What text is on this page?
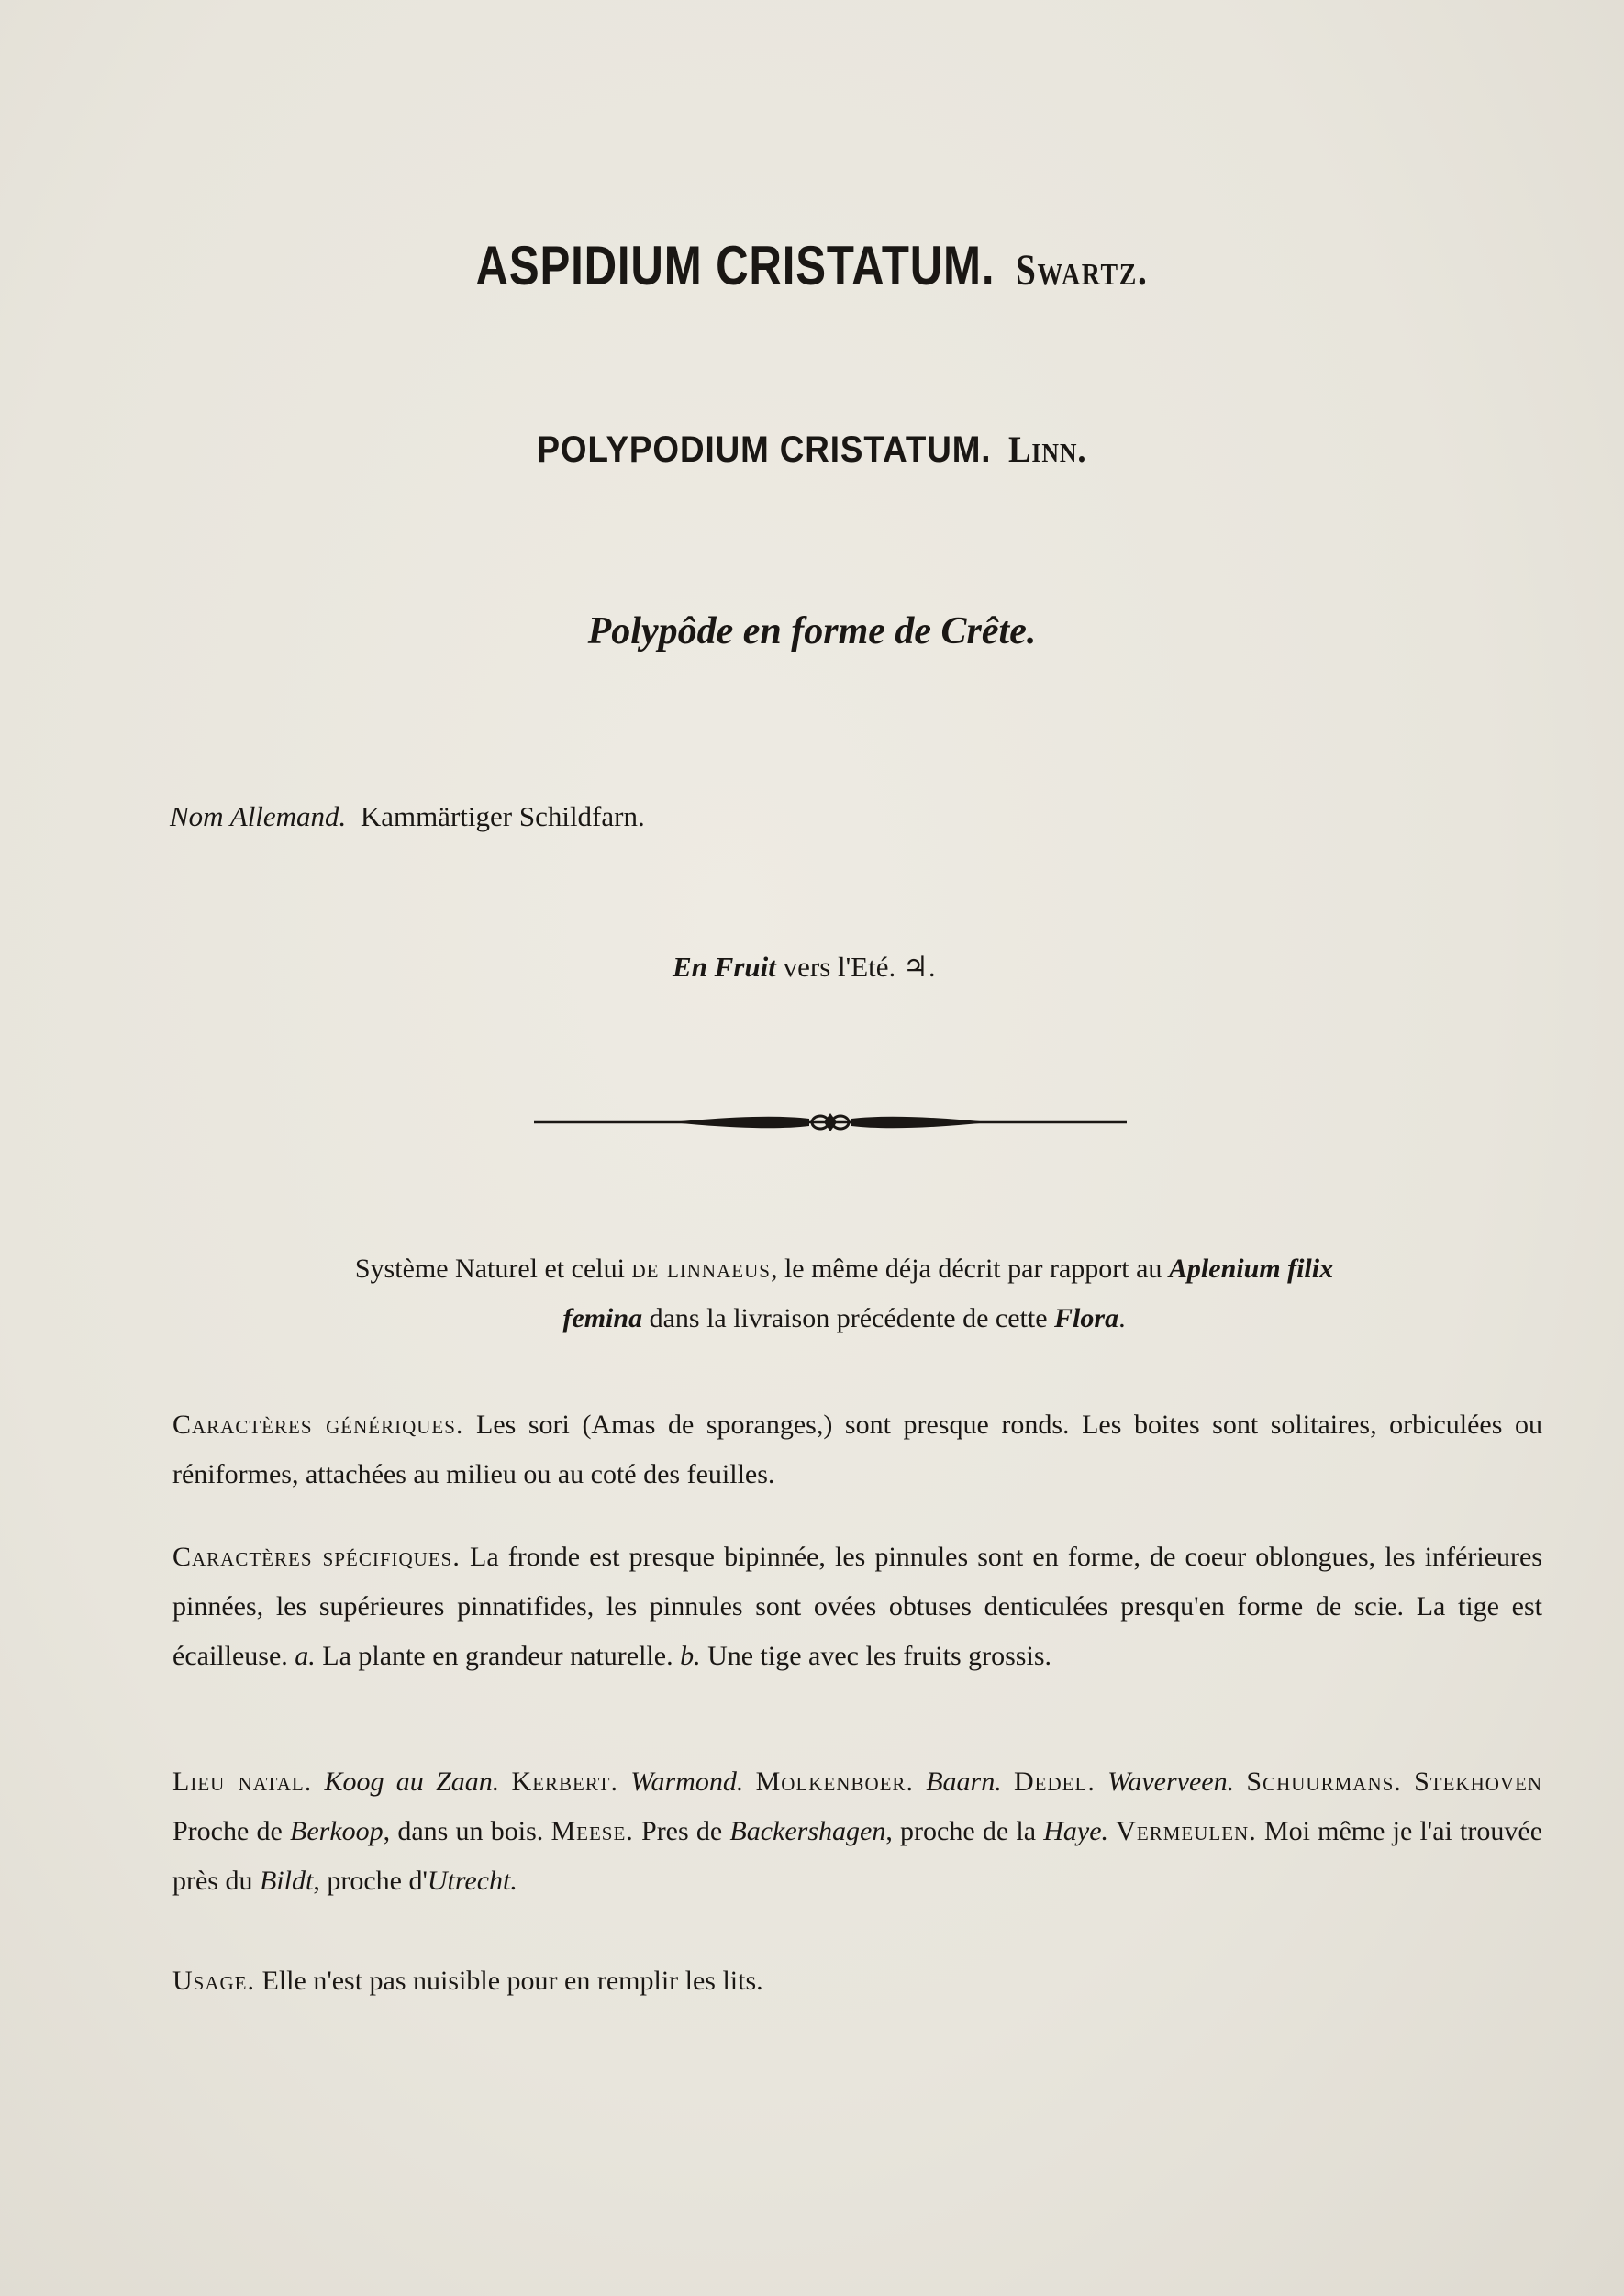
ASPIDIUM CRISTATUM. Swartz.
POLYPODIUM CRISTATUM. Linn.
Polypôde en forme de Crête.
Nom Allemand. Kammärtiger Schildfarn.
En Fruit vers l'Eté. ♃.
Système Naturel et celui de linnaeus, le même déja décrit par rapport au Aplenium filix
femina dans la livraison précédente de cette Flora.
Caractères génériques. Les sori (Amas de sporanges,) sont presque ronds. Les boites sont solitaires, orbiculées ou réniformes, attachées au milieu ou au coté des feuilles.
Caractères spécifiques. La fronde est presque bipinnée, les pinnules sont en forme, de coeur oblongues, les inférieures pinnées, les supérieures pinnatifides, les pinnules sont ovées obtuses denticulées presqu'en forme de scie. La tige est écailleuse. a. La plante en grandeur naturelle. b. Une tige avec les fruits grossis.
Lieu natal. Koog au Zaan. Kerbert. Warmond. Molkenboer. Baarn. Dedel. Waverveen. Schuurmans. Stekhoven Proche de Berkoop, dans un bois. Meese. Pres de Backershagen, proche de la Haye. Vermeulen. Moi même je l'ai trouvée près du Bildt, proche d'Utrecht.
Usage. Elle n'est pas nuisible pour en remplir les lits.
